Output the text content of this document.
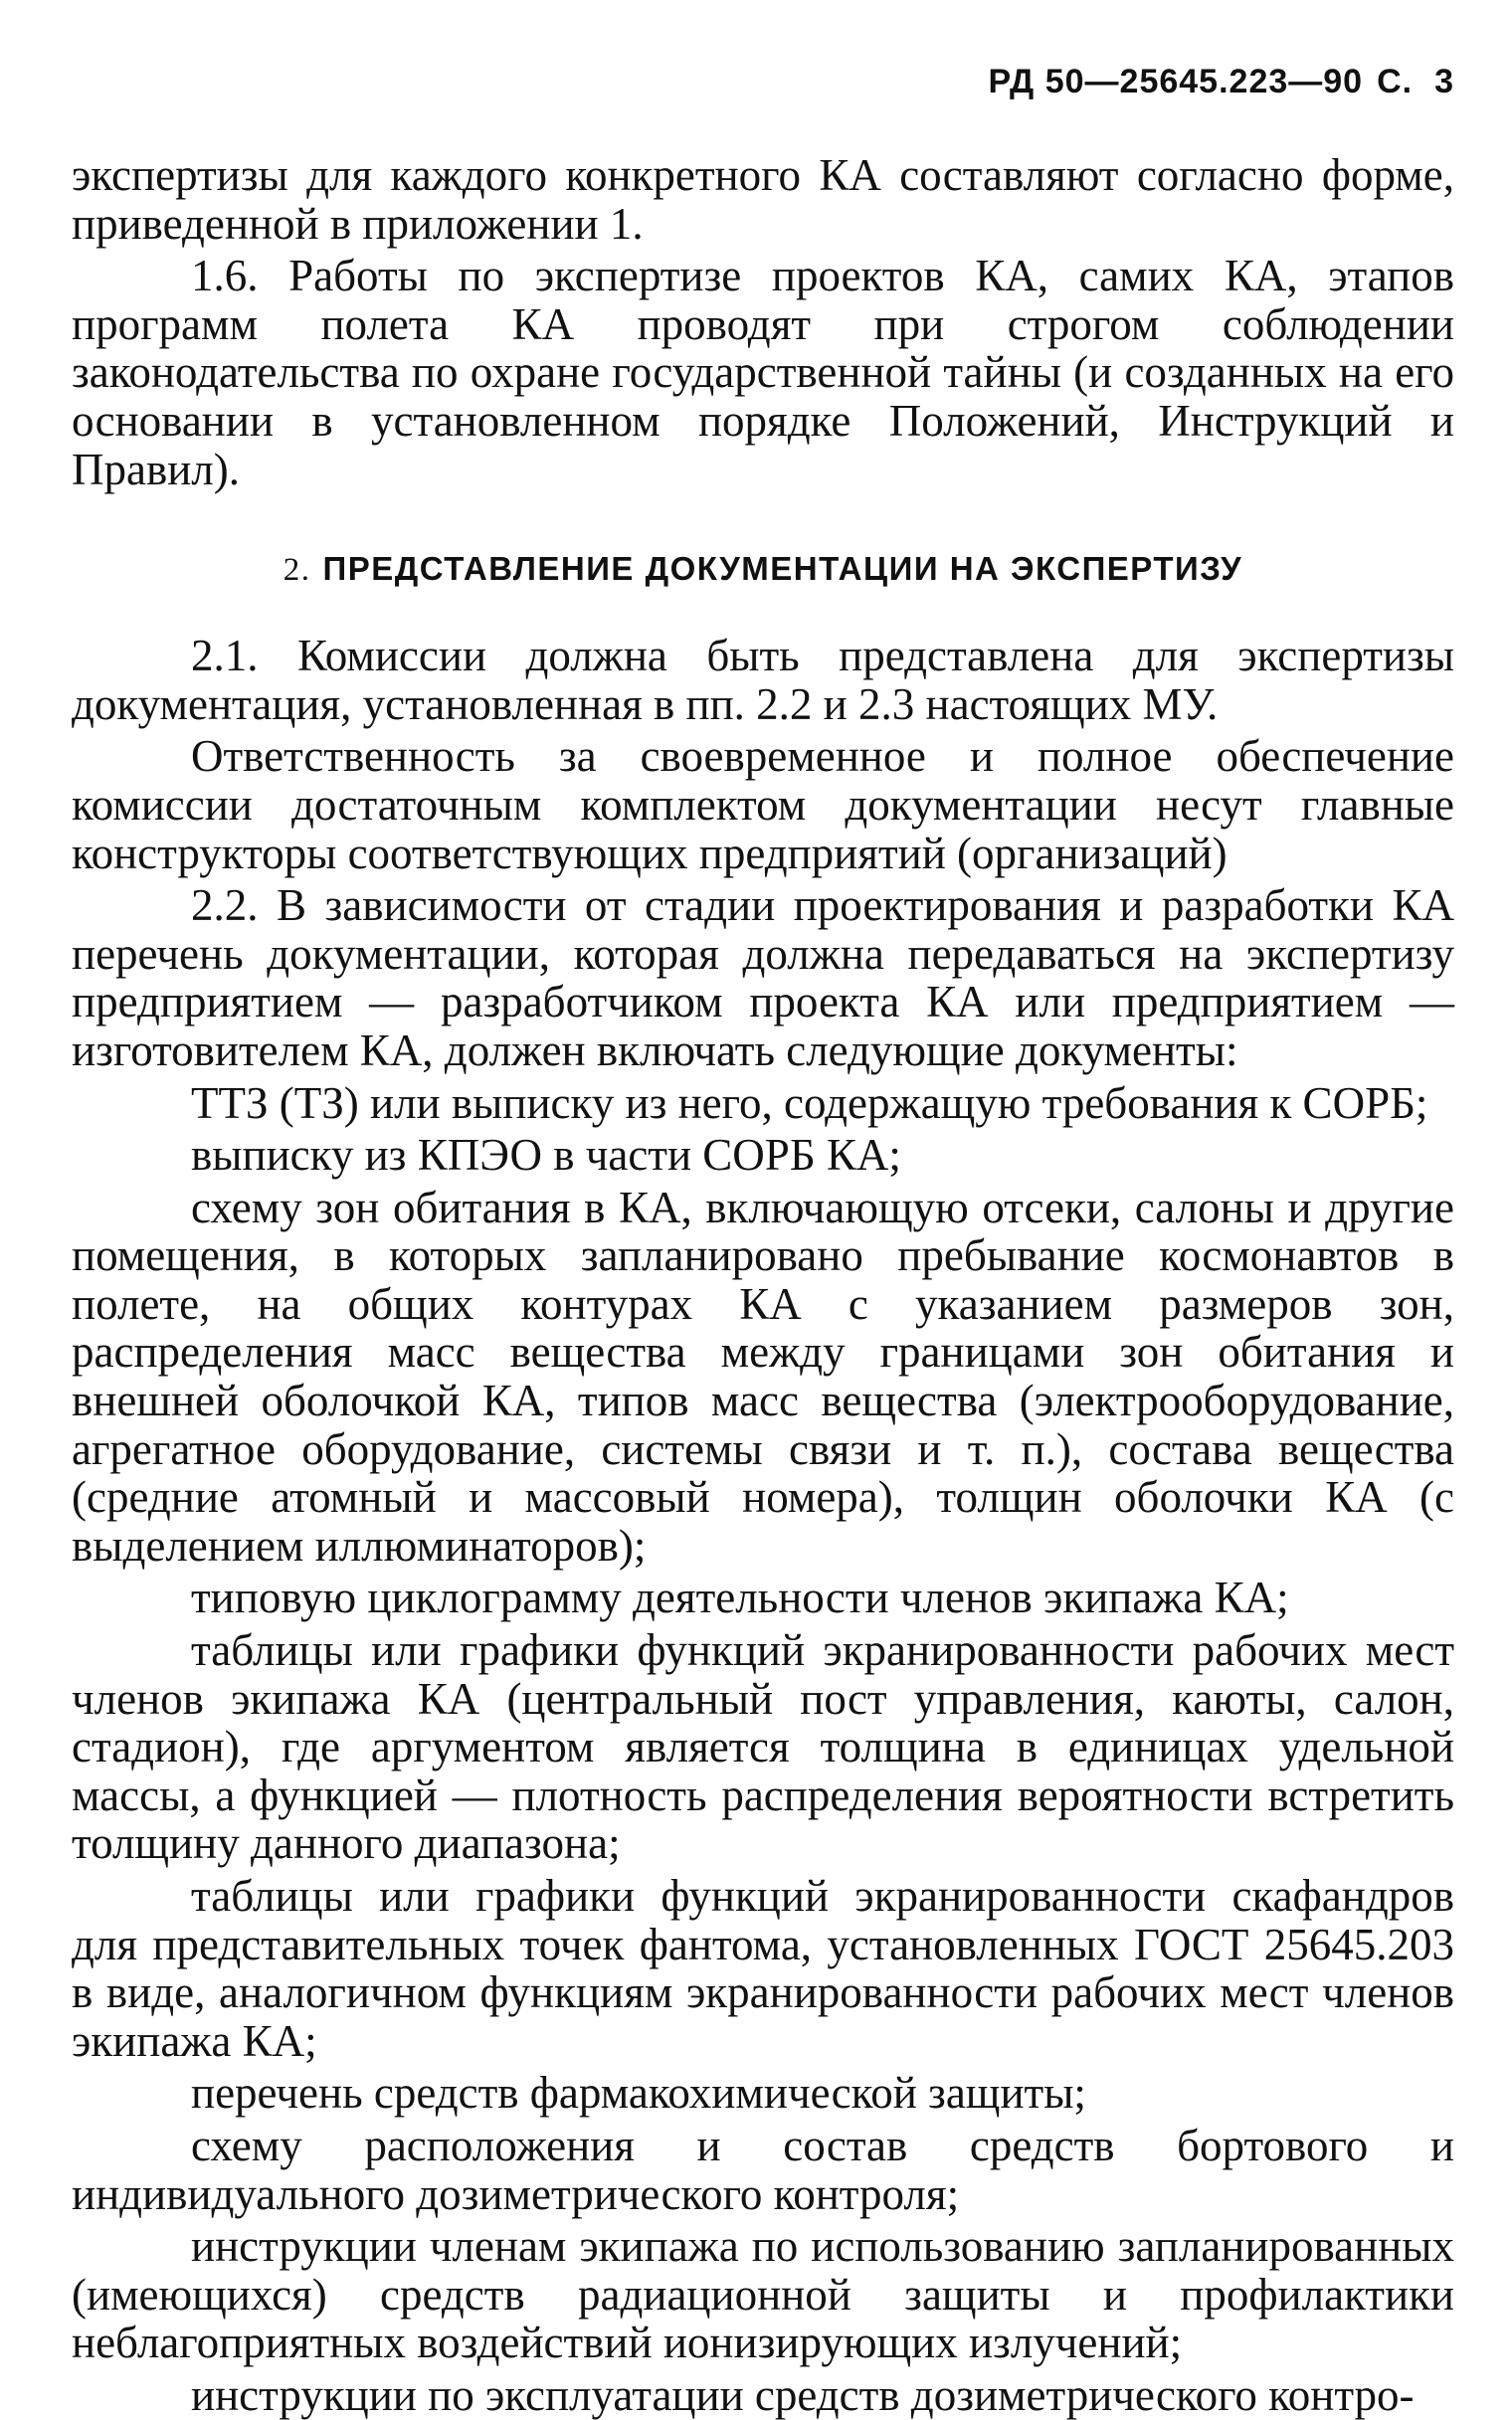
РД 50—25645.223—90 С. 3

экспертизы для каждого конкретного КА составляют согласно форме, приведенной в приложении 1.

1.6. Работы по экспертизе проектов КА, самих КА, этапов программ полета КА проводят при строгом соблюдении законодательства по охране государственной тайны (и созданных на его основании в установленном порядке Положений, Инструкций и Правил).

2. ПРЕДСТАВЛЕНИЕ ДОКУМЕНТАЦИИ НА ЭКСПЕРТИЗУ

2.1. Комиссии должна быть представлена для экспертизы документация, установленная в пп. 2.2 и 2.3 настоящих МУ.

Ответственность за своевременное и полное обеспечение комиссии достаточным комплектом документации несут главные конструкторы соответствующих предприятий (организаций)

2.2. В зависимости от стадии проектирования и разработки КА перечень документации, которая должна передаваться на экспертизу предприятием — разработчиком проекта КА или предприятием — изготовителем КА, должен включать следующие документы:

ТТЗ (ТЗ) или выписку из него, содержащую требования к СОРБ;

выписку из КПЭО в части СОРБ КА;

схему зон обитания в КА, включающую отсеки, салоны и другие помещения, в которых запланировано пребывание космонавтов в полете, на общих контурах КА с указанием размеров зон, распределения масс вещества между границами зон обитания и внешней оболочкой КА, типов масс вещества (электрооборудование, агрегатное оборудование, системы связи и т. п.), состава вещества (средние атомный и массовый номера), толщин оболочки КА (с выделением иллюминаторов);

типовую циклограмму деятельности членов экипажа КА;

таблицы или графики функций экранированности рабочих мест членов экипажа КА (центральный пост управления, каюты, салон, стадион), где аргументом является толщина в единицах удельной массы, а функцией — плотность распределения вероятности встретить толщину данного диапазона;

таблицы или графики функций экранированности скафандров для представительных точек фантома, установленных ГОСТ 25645.203 в виде, аналогичном функциям экранированности рабочих мест членов экипажа КА;

перечень средств фармакохимической защиты;

схему расположения и состав средств бортового и индивидуального дозиметрического контроля;

инструкции членам экипажа по использованию запланированных (имеющихся) средств радиационной защиты и профилактики неблагоприятных воздействий ионизирующих излучений;

инструкции по эксплуатации средств дозиметрического контро-
